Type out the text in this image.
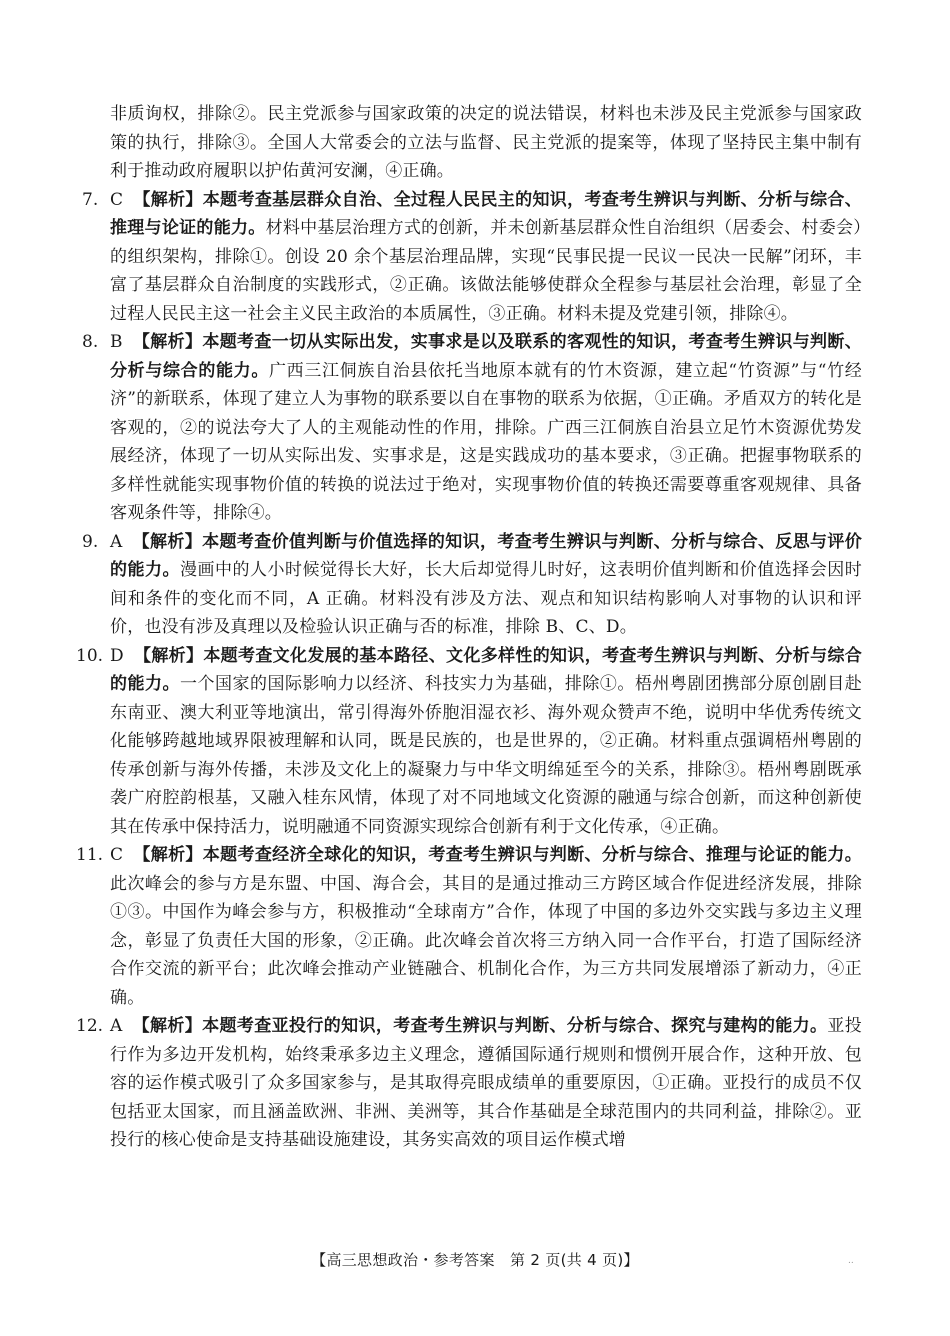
非质询权，排除②。民主党派参与国家政策的决定的说法错误，材料也未涉及民主党派参与国家政策的执行，排除③。全国人大常委会的立法与监督、民主党派的提案等，体现了坚持民主集中制有利于推动政府履职以护佑黄河安澜，④正确。

7. C 【解析】本题考查基层群众自治、全过程人民民主的知识，考查考生辨识与判断、分析与综合、推理与论证的能力。材料中基层治理方式的创新，并未创新基层群众性自治组织（居委会、村委会）的组织架构，排除①。创设 20 余个基层治理品牌，实现“民事民提一民议一民决一民解”闭环，丰富了基层群众自治制度的实践形式，②正确。该做法能够使群众全程参与基层社会治理，彰显了全过程人民民主这一社会主义民主政治的本质属性，③正确。材料未提及党建引领，排除④。

8. B 【解析】本题考查一切从实际出发，实事求是以及联系的客观性的知识，考查考生辨识与判断、分析与综合的能力。广西三江侗族自治县依托当地原本就有的竹木资源，建立起“竹资源”与“竹经济”的新联系，体现了建立人为事物的联系要以自在事物的联系为依据，①正确。矛盾双方的转化是客观的，②的说法夸大了人的主观能动性的作用，排除。广西三江侗族自治县立足竹木资源优势发展经济，体现了一切从实际出发、实事求是，这是实践成功的基本要求，③正确。把握事物联系的多样性就能实现事物价值的转换的说法过于绝对，实现事物价值的转换还需要尊重客观规律、具备客观条件等，排除④。

9. A 【解析】本题考查价值判断与价值选择的知识，考查考生辨识与判断、分析与综合、反思与评价的能力。漫画中的人小时候觉得长大好，长大后却觉得儿时好，这表明价值判断和价值选择会因时间和条件的变化而不同，A 正确。材料没有涉及方法、观点和知识结构影响人对事物的认识和评价，也没有涉及真理以及检验认识正确与否的标准，排除 B、C、D。

10. D 【解析】本题考查文化发展的基本路径、文化多样性的知识，考查考生辨识与判断、分析与综合的能力。一个国家的国际影响力以经济、科技实力为基础，排除①。梧州粤剧团携部分原创剧目赴东南亚、澳大利亚等地演出，常引得海外侨胞泪湿衣衫、海外观众赞声不绝，说明中华优秀传统文化能够跨越地域界限被理解和认同，既是民族的，也是世界的，②正确。材料重点强调梧州粤剧的传承创新与海外传播，未涉及文化上的凝聚力与中华文明绵延至今的关系，排除③。梧州粤剧既承袭广府腔韵根基，又融入桂东风情，体现了对不同地域文化资源的融通与综合创新，而这种创新使其在传承中保持活力，说明融通不同资源实现综合创新有利于文化传承，④正确。

11. C 【解析】本题考查经济全球化的知识，考查考生辨识与判断、分析与综合、推理与论证的能力。此次峰会的参与方是东盟、中国、海合会，其目的是通过推动三方跨区域合作促进经济发展，排除①③。中国作为峰会参与方，积极推动“全球南方”合作，体现了中国的多边外交实践与多边主义理念，彰显了负责任大国的形象，②正确。此次峰会首次将三方纳入同一合作平台，打造了国际经济合作交流的新平台；此次峰会推动产业链融合、机制化合作，为三方共同发展增添了新动力，④正确。

12. A 【解析】本题考查亚投行的知识，考查考生辨识与判断、分析与综合、探究与建构的能力。亚投行作为多边开发机构，始终秉承多边主义理念，遵循国际通行规则和惯例开展合作，这种开放、包容的运作模式吸引了众多国家参与，是其取得亮眼成绩单的重要原因，①正确。亚投行的成员不仅包括亚太国家，而且涵盖欧洲、非洲、美洲等，其合作基础是全球范围内的共同利益，排除②。亚投行的核心使命是支持基础设施建设，其务实高效的项目运作模式增

【高三思想政治・参考答案　第 2 页(共 4 页)】	..
